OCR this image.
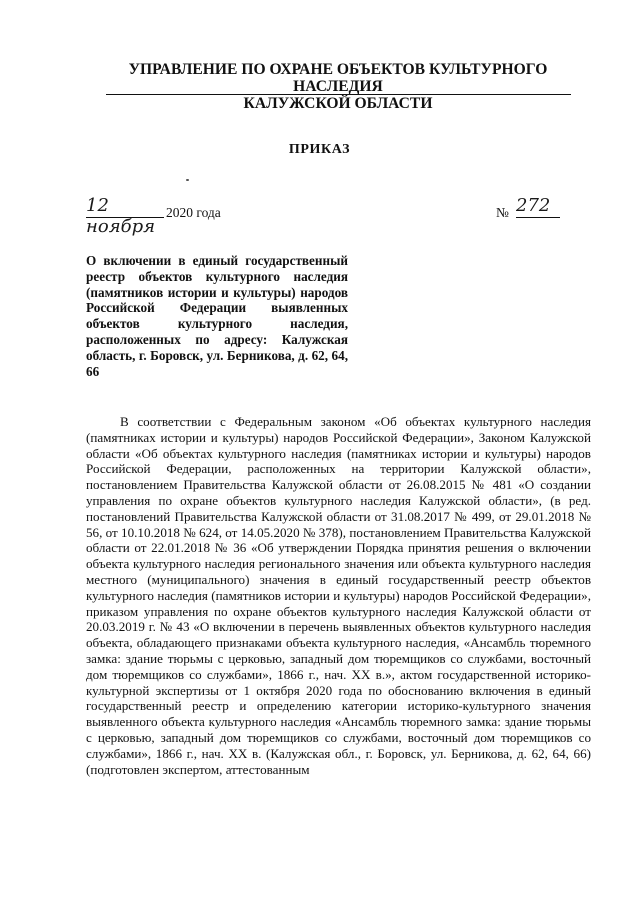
УПРАВЛЕНИЕ ПО ОХРАНЕ ОБЪЕКТОВ КУЛЬТУРНОГО НАСЛЕДИЯ
КАЛУЖСКОЙ ОБЛАСТИ
ПРИКАЗ
12 ноября
2020 года	№ 272
О включении в единый государственный реестр объектов культурного наследия (памятников истории и культуры) народов Российской Федерации выявленных объектов культурного наследия, расположенных по адресу: Калужская область, г. Боровск, ул. Берникова, д. 62, 64, 66
В соответствии с Федеральным законом «Об объектах культурного наследия (памятниках истории и культуры) народов Российской Федерации», Законом Калужской области «Об объектах культурного наследия (памятниках истории и культуры) народов Российской Федерации, расположенных на территории Калужской области», постановлением Правительства Калужской области от 26.08.2015 № 481 «О создании управления по охране объектов культурного наследия Калужской области», (в ред. постановлений Правительства Калужской области от 31.08.2017 № 499, от 29.01.2018 № 56, от 10.10.2018 № 624, от 14.05.2020 № 378), постановлением Правительства Калужской области от 22.01.2018 № 36 «Об утверждении Порядка принятия решения о включении объекта культурного наследия регионального значения или объекта культурного наследия местного (муниципального) значения в единый государственный реестр объектов культурного наследия (памятников истории и культуры) народов Российской Федерации», приказом управления по охране объектов культурного наследия Калужской области от 20.03.2019 г. № 43 «О включении в перечень выявленных объектов культурного наследия объекта, обладающего признаками объекта культурного наследия, «Ансамбль тюремного замка: здание тюрьмы с церковью, западный дом тюремщиков со службами, восточный дом тюремщиков со службами», 1866 г., нач. XX в.», актом государственной историко-культурной экспертизы от 1 октября 2020 года по обоснованию включения в единый государственный реестр и определению категории историко-культурного значения выявленного объекта культурного наследия «Ансамбль тюремного замка: здание тюрьмы с церковью, западный дом тюремщиков со службами, восточный дом тюремщиков со службами», 1866 г., нач. XX в. (Калужская обл., г. Боровск, ул. Берникова, д. 62, 64, 66) (подготовлен экспертом, аттестованным
